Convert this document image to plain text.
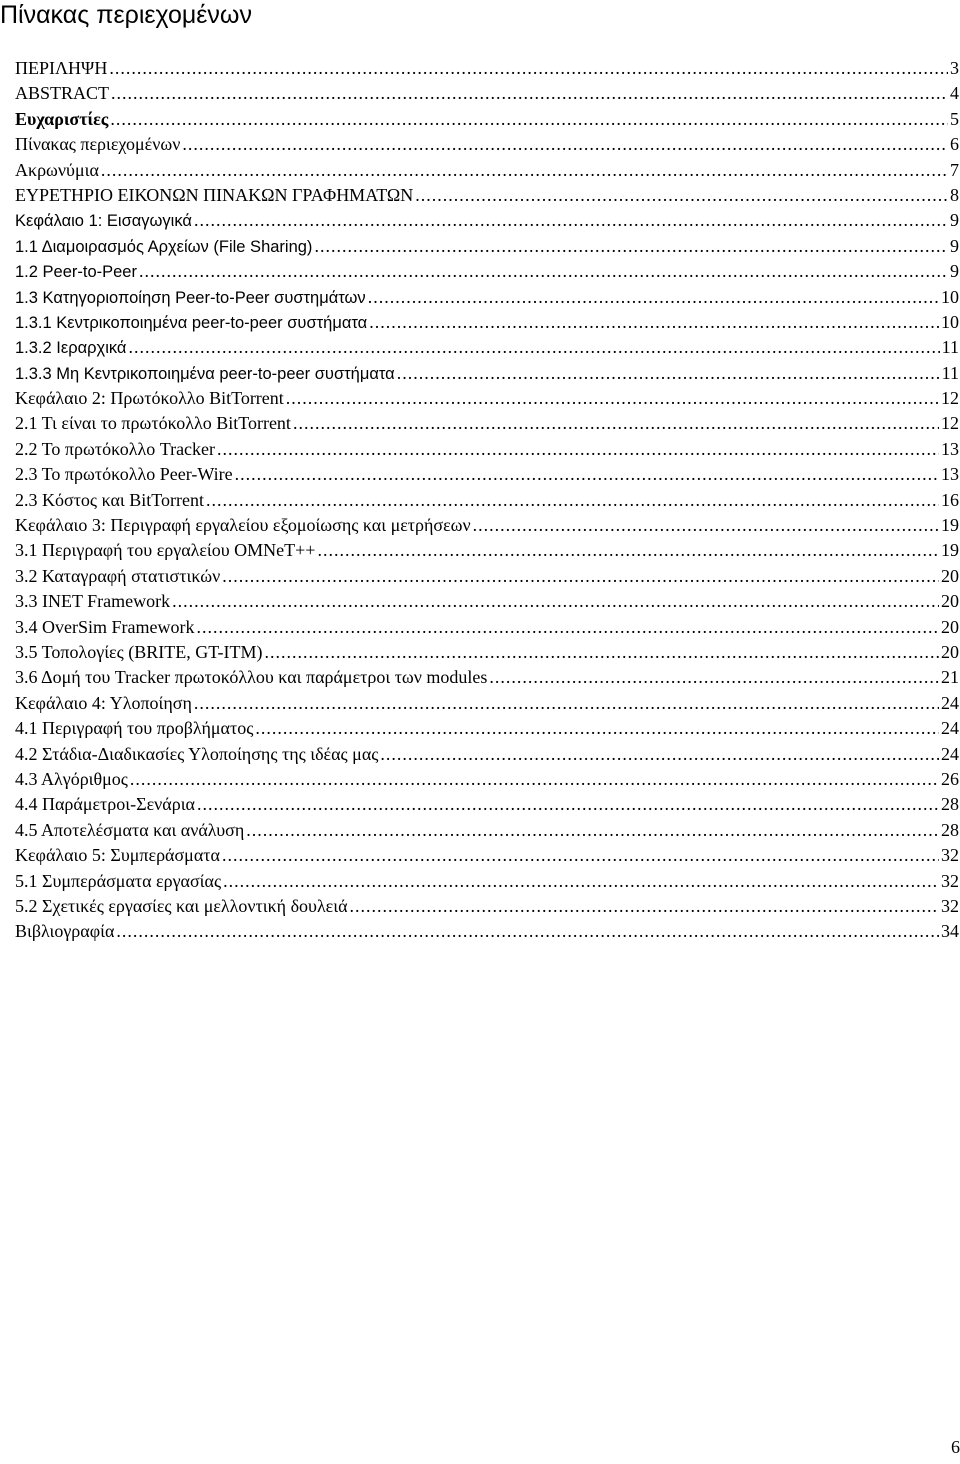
Πίνακας περιεχομένων
ΠΕΡΙΛΗΨΗ .....	3
ABSTRACT .....	4
Ευχαριστίες .....	5
Πίνακας περιεχομένων .....	6
Ακρωνύμια .....	7
ΕΥΡΕΤΗΡΙΟ ΕΙΚΟΝΩΝ ΠΙΝΑΚΩΝ ΓΡΑΦΗΜΑΤΩΝ .....	8
Κεφάλαιο 1: Εισαγωγικά .....	9
1.1 Διαμοιρασμός Αρχείων (File Sharing) .....	9
1.2 Peer-to-Peer .....	9
1.3 Κατηγοριοποίηση Peer-to-Peer συστημάτων .....	10
1.3.1 Κεντρικοποιημένα peer-to-peer συστήματα .....	10
1.3.2 Ιεραρχικά .....	11
1.3.3 Μη Κεντρικοποιημένα peer-to-peer συστήματα .....	11
Κεφάλαιο 2: Πρωτόκολλο BitTorrent .....	12
2.1 Τι είναι το πρωτόκολλο BitTorrent .....	12
2.2 Το πρωτόκολλο Tracker .....	13
2.3 Το πρωτόκολλο Peer-Wire .....	13
2.3 Κόστος και BitTorrent .....	16
Κεφάλαιο 3: Περιγραφή εργαλείου εξομοίωσης και μετρήσεων .....	19
3.1 Περιγραφή του εργαλείου OMNeT++ .....	19
3.2 Καταγραφή στατιστικών .....	20
3.3 INET Framework .....	20
3.4 OverSim Framework .....	20
3.5 Τοπολογίες (BRITE, GT-ITM) .....	20
3.6 Δομή του Tracker πρωτοκόλλου και παράμετροι των modules .....	21
Κεφάλαιο 4: Υλοποίηση .....	24
4.1 Περιγραφή του προβλήματος .....	24
4.2 Στάδια-Διαδικασίες Υλοποίησης της ιδέας μας .....	24
4.3 Αλγόριθμος .....	26
4.4 Παράμετροι-Σενάρια .....	28
4.5 Αποτελέσματα και ανάλυση .....	28
Κεφάλαιο 5: Συμπεράσματα .....	32
5.1 Συμπεράσματα εργασίας .....	32
5.2 Σχετικές εργασίες και μελλοντική δουλειά .....	32
Βιβλιογραφία .....	34
6
